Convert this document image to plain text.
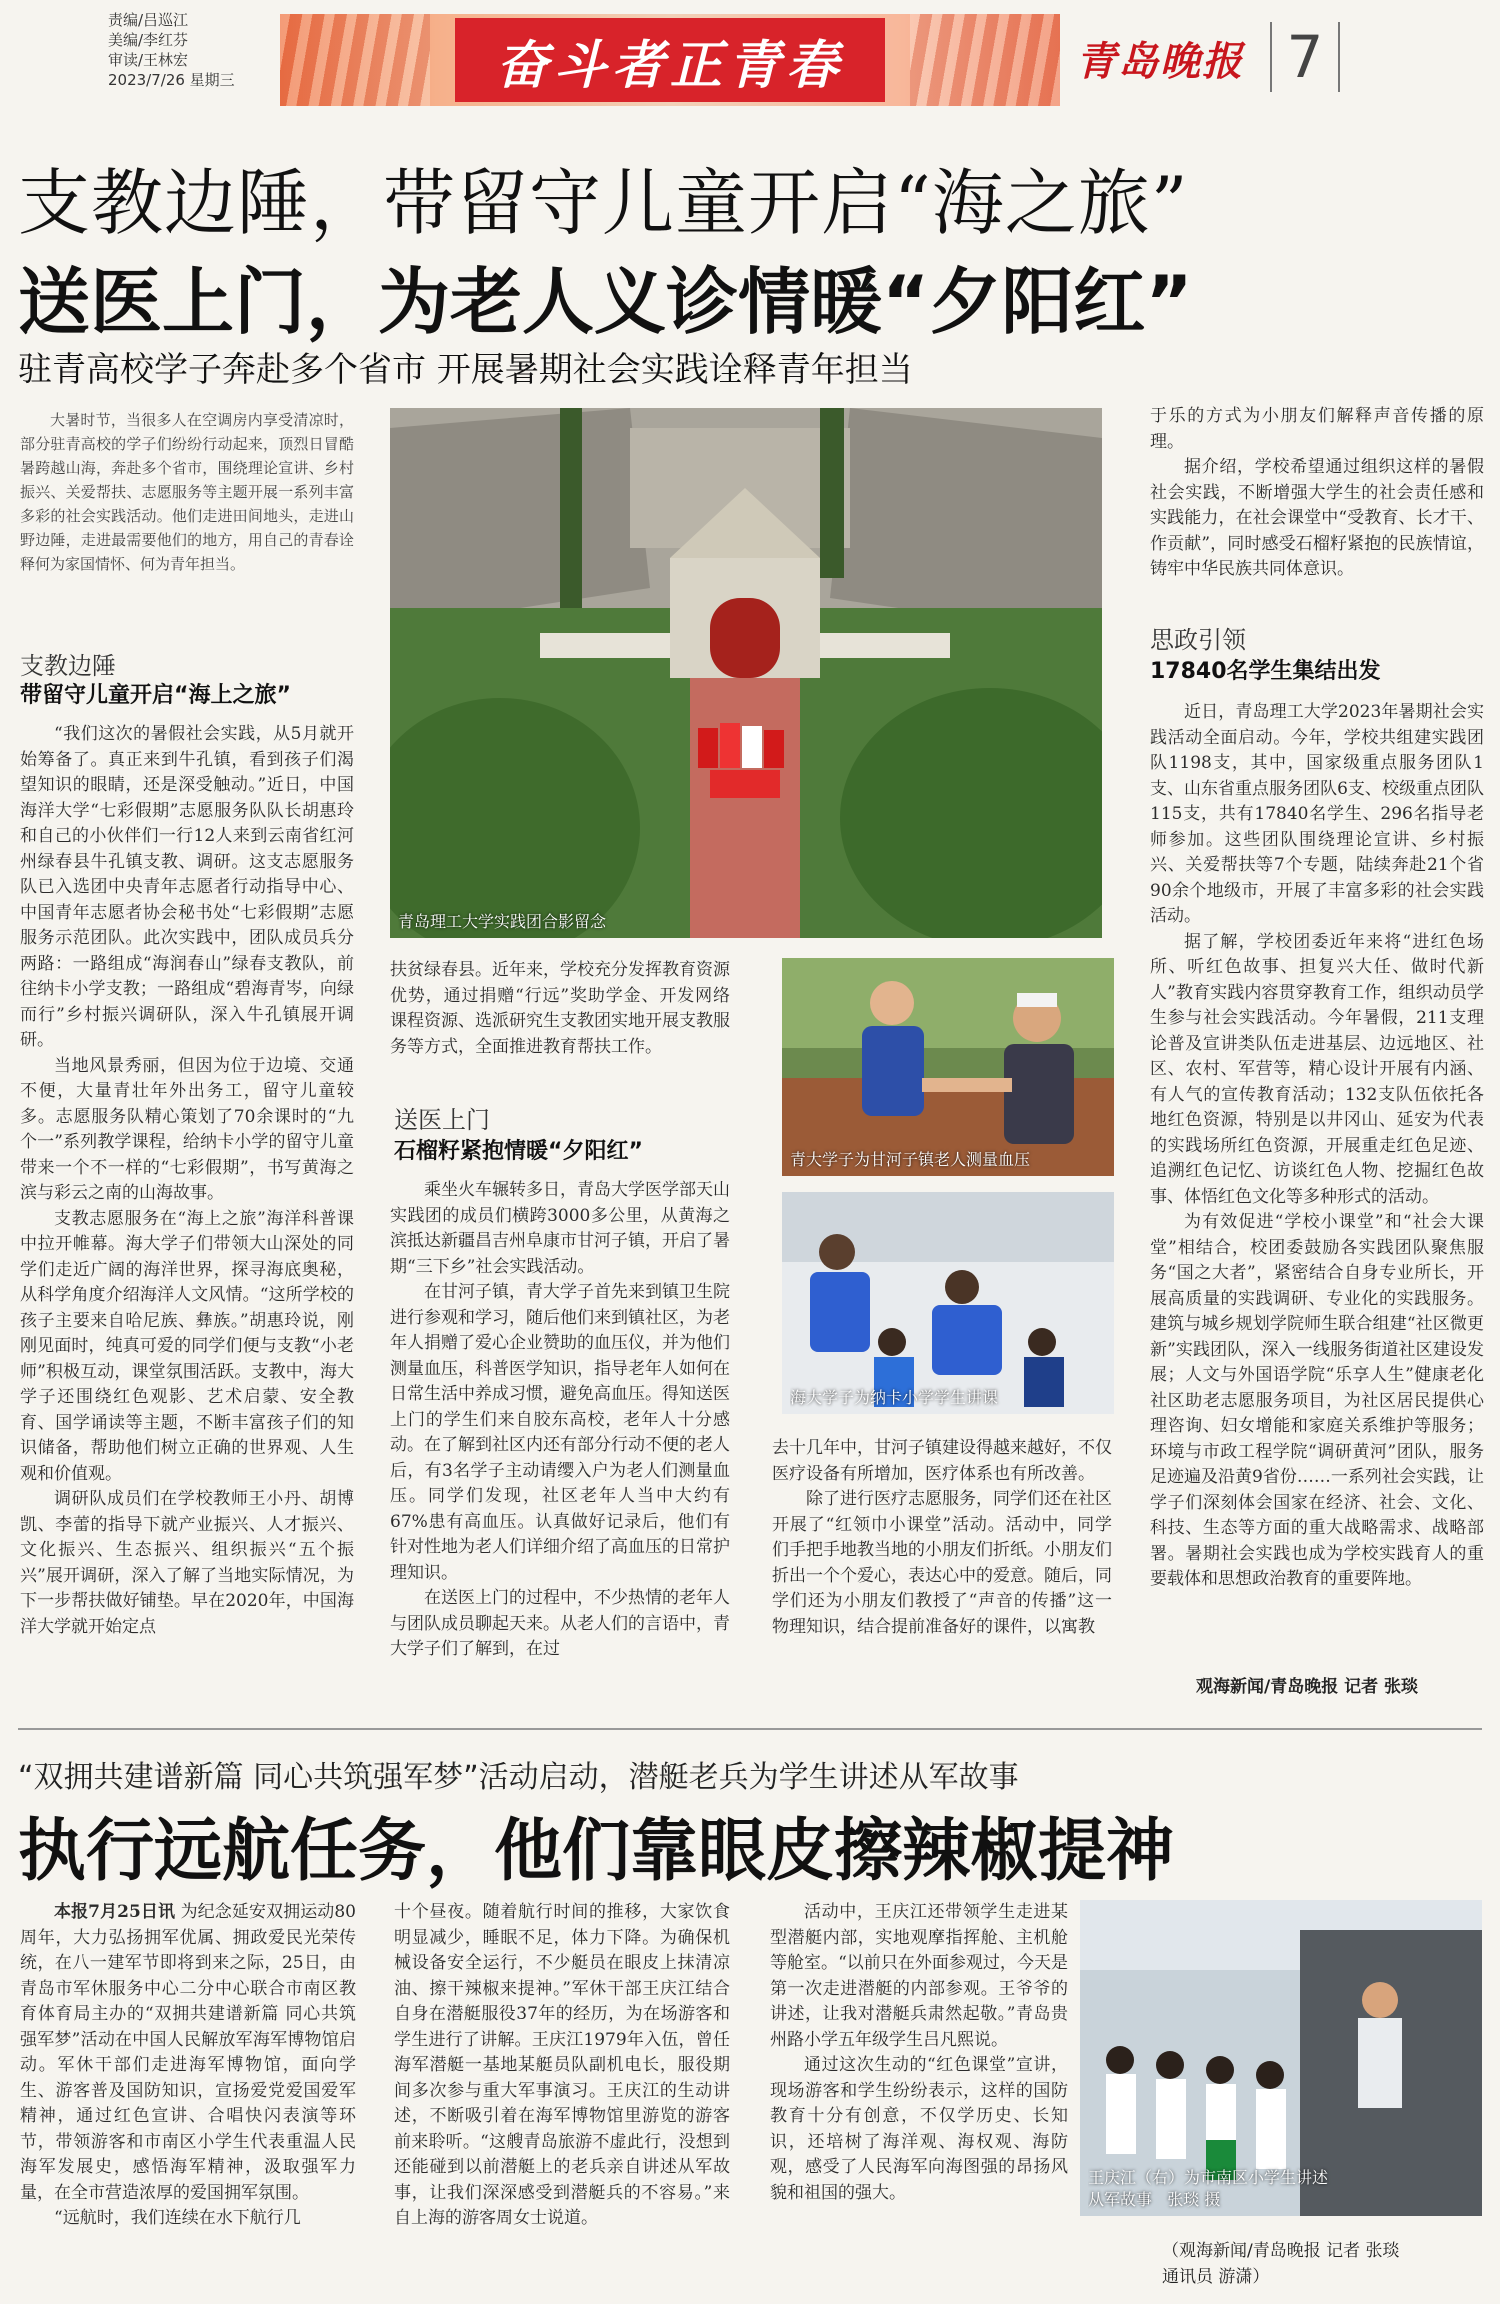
责编/吕巡江
美编/李红芬
审读/王林宏
2023/7/26 星期三	奋斗者正青春	青岛晚报 7
支教边陲，带留守儿童开启“海之旅”
送医上门，为老人义诊情暖“夕阳红”
驻青高校学子奔赴多个省市 开展暑期社会实践诠释青年担当
大暑时节，当很多人在空调房内享受清凉时，部分驻青高校的学子们纷纷行动起来，顶烈日冒酷暑跨越山海，奔赴多个省市，围绕理论宣讲、乡村振兴、关爱帮扶、志愿服务等主题开展一系列丰富多彩的社会实践活动。他们走进田间地头，走进山野边陲，走进最需要他们的地方，用自己的青春诠释何为家国情怀、何为青年担当。
支教边陲
带留守儿童开启“海上之旅”

“我们这次的暑假社会实践，从5月就开始筹备了。真正来到牛孔镇，看到孩子们渴望知识的眼睛，还是深受触动。”近日，中国海洋大学“七彩假期”志愿服务队队长胡惠玲和自己的小伙伴们一行12人来到云南省红河州绿春县牛孔镇支教、调研。这支志愿服务队已入选团中央青年志愿者行动指导中心、中国青年志愿者协会秘书处“七彩假期”志愿服务示范团队。此次实践中，团队成员兵分两路：一路组成“海润春山”绿春支教队，前往纳卡小学支教；一路组成“碧海青岑，向绿而行”乡村振兴调研队，深入牛孔镇展开调研。

当地风景秀丽，但因为位于边境、交通不便，大量青壮年外出务工，留守儿童较多。志愿服务队精心策划了70余课时的“九个一”系列教学课程，给纳卡小学的留守儿童带来一个不一样的“七彩假期”，书写黄海之滨与彩云之南的山海故事。

支教志愿服务在“海上之旅”海洋科普课中拉开帷幕。海大学子们带领大山深处的同学们走近广阔的海洋世界，探寻海底奥秘，从科学角度介绍海洋人文风情。“这所学校的孩子主要来自哈尼族、彝族。”胡惠玲说，刚刚见面时，纯真可爱的同学们便与支教“小老师”积极互动，课堂氛围活跃。支教中，海大学子还围绕红色观影、艺术启蒙、安全教育、国学诵读等主题，不断丰富孩子们的知识储备，帮助他们树立正确的世界观、人生观和价值观。

调研队成员们在学校教师王小丹、胡博凯、李蕾的指导下就产业振兴、人才振兴、文化振兴、生态振兴、组织振兴“五个振兴”展开调研，深入了解了当地实际情况，为下一步帮扶做好铺垫。早在2020年，中国海洋大学就开始定点

青岛理工大学实践团合影留念

扶贫绿春县。近年来，学校充分发挥教育资源优势，通过捐赠“行远”奖助学金、开发网络课程资源、选派研究生支教团实地开展支教服务等方式，全面推进教育帮扶工作。

送医上门
石榴籽紧抱情暖“夕阳红”

乘坐火车辗转多日，青岛大学医学部天山实践团的成员们横跨3000多公里，从黄海之滨抵达新疆昌吉州阜康市甘河子镇，开启了暑期“三下乡”社会实践活动。

在甘河子镇，青大学子首先来到镇卫生院进行参观和学习，随后他们来到镇社区，为老年人捐赠了爱心企业赞助的血压仪，并为他们测量血压，科普医学知识，指导老年人如何在日常生活中养成习惯，避免高血压。得知送医上门的学生们来自胶东高校，老年人十分感动。在了解到社区内还有部分行动不便的老人后，有3名学子主动请缨入户为老人们测量血压。同学们发现，社区老年人当中大约有67%患有高血压。认真做好记录后，他们有针对性地为老人们详细介绍了高血压的日常护理知识。

在送医上门的过程中，不少热情的老年人与团队成员聊起天来。从老人们的言语中，青大学子们了解到，在过

青大学子为甘河子镇老人测量血压
海大学子为纳卡小学学生讲课

去十几年中，甘河子镇建设得越来越好，不仅医疗设备有所增加，医疗体系也有所改善。

除了进行医疗志愿服务，同学们还在社区开展了“红领巾小课堂”活动。活动中，同学们手把手地教当地的小朋友们折纸。小朋友们折出一个个爱心，表达心中的爱意。随后，同学们还为小朋友们教授了“声音的传播”这一物理知识，结合提前准备好的课件，以寓教

于乐的方式为小朋友们解释声音传播的原理。

据介绍，学校希望通过组织这样的暑假社会实践，不断增强大学生的社会责任感和实践能力，在社会课堂中“受教育、长才干、作贡献”，同时感受石榴籽紧抱的民族情谊，铸牢中华民族共同体意识。

思政引领
17840名学生集结出发

近日，青岛理工大学2023年暑期社会实践活动全面启动。今年，学校共组建实践团队1198支，其中，国家级重点服务团队1支、山东省重点服务团队6支、校级重点团队115支，共有17840名学生、296名指导老师参加。这些团队围绕理论宣讲、乡村振兴、关爱帮扶等7个专题，陆续奔赴21个省90余个地级市，开展了丰富多彩的社会实践活动。

据了解，学校团委近年来将“进红色场所、听红色故事、担复兴大任、做时代新人”教育实践内容贯穿教育工作，组织动员学生参与社会实践活动。今年暑假，211支理论普及宣讲类队伍走进基层、边远地区、社区、农村、军营等，精心设计开展有内涵、有人气的宣传教育活动；132支队伍依托各地红色资源，特别是以井冈山、延安为代表的实践场所红色资源，开展重走红色足迹、追溯红色记忆、访谈红色人物、挖掘红色故事、体悟红色文化等多种形式的活动。

为有效促进“学校小课堂”和“社会大课堂”相结合，校团委鼓励各实践团队聚焦服务“国之大者”，紧密结合自身专业所长，开展高质量的实践调研、专业化的实践服务。建筑与城乡规划学院师生联合组建“社区微更新”实践团队，深入一线服务街道社区建设发展；人文与外国语学院“乐享人生”健康老化社区助老志愿服务项目，为社区居民提供心理咨询、妇女增能和家庭关系维护等服务；环境与市政工程学院“调研黄河”团队，服务足迹遍及沿黄9省份……一系列社会实践，让学子们深刻体会国家在经济、社会、文化、科技、生态等方面的重大战略需求、战略部署。暑期社会实践也成为学校实践育人的重要载体和思想政治教育的重要阵地。

观海新闻/青岛晚报 记者 张琰
“双拥共建谱新篇 同心共筑强军梦”活动启动，潜艇老兵为学生讲述从军故事
执行远航任务，他们靠眼皮擦辣椒提神

本报7月25日讯 为纪念延安双拥运动80周年，大力弘扬拥军优属、拥政爱民光荣传统，在八一建军节即将到来之际，25日，由青岛市军休服务中心二分中心联合市南区教育体育局主办的“双拥共建谱新篇 同心共筑强军梦”活动在中国人民解放军海军博物馆启动。军休干部们走进海军博物馆，面向学生、游客普及国防知识，宣扬爱党爱国爱军精神，通过红色宣讲、合唱快闪表演等环节，带领游客和市南区小学生代表重温人民海军发展史，感悟海军精神，汲取强军力量，在全市营造浓厚的爱国拥军氛围。

“远航时，我们连续在水下航行几

十个昼夜。随着航行时间的推移，大家饮食明显减少，睡眠不足，体力下降。为确保机械设备安全运行，不少艇员在眼皮上抹清凉油、擦干辣椒来提神。”军休干部王庆江结合自身在潜艇服役37年的经历，为在场游客和学生进行了讲解。王庆江1979年入伍，曾任海军潜艇一基地某艇员队副机电长，服役期间多次参与重大军事演习。王庆江的生动讲述，不断吸引着在海军博物馆里游览的游客前来聆听。“这艘青岛旅游不虚此行，没想到还能碰到以前潜艇上的老兵亲自讲述从军故事，让我们深深感受到潜艇兵的不容易。”来自上海的游客周女士说道。

活动中，王庆江还带领学生走进某型潜艇内部，实地观摩指挥舱、主机舱等舱室。“以前只在外面参观过，今天是第一次走进潜艇的内部参观。王爷爷的讲述，让我对潜艇兵肃然起敬。”青岛贵州路小学五年级学生吕凡熙说。

通过这次生动的“红色课堂”宣讲，现场游客和学生纷纷表示，这样的国防教育十分有创意，不仅学历史、长知识，还培树了海洋观、海权观、海防观，感受了人民海军向海图强的昂扬风貌和祖国的强大。

王庆江（右）为市南区小学生讲述
从军故事 张琰 摄
（观海新闻/青岛晚报 记者 张琰
通讯员 游潇）
